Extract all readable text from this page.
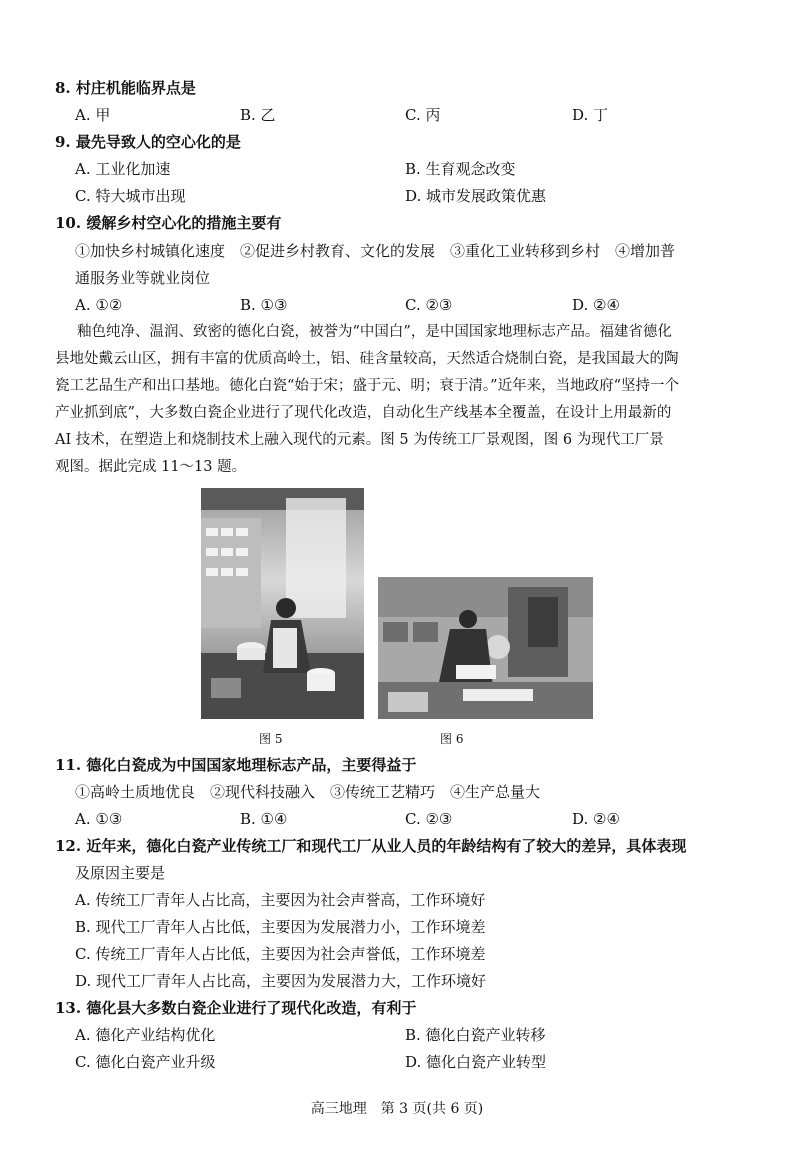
8. 村庄机能临界点是
A. 甲	B. 乙	C. 丙	D. 丁
9. 最先导致人的空心化的是
A. 工业化加速	B. 生育观念改变
C. 特大城市出现	D. 城市发展政策优惠
10. 缓解乡村空心化的措施主要有
①加快乡村城镇化速度　②促进乡村教育、文化的发展　③重化工业转移到乡村　④增加普
通服务业等就业岗位
A. ①②	B. ①③	C. ②③	D. ②④
釉色纯净、温润、致密的德化白瓷，被誉为“中国白”，是中国国家地理标志产品。福建省德化
县地处戴云山区，拥有丰富的优质高岭土，铝、硅含量较高，天然适合烧制白瓷，是我国最大的陶
瓷工艺品生产和出口基地。德化白瓷“始于宋；盛于元、明；衰于清。”近年来，当地政府“坚持一个
产业抓到底”，大多数白瓷企业进行了现代化改造，自动化生产线基本全覆盖，在设计上用最新的
AI 技术，在塑造上和烧制技术上融入现代的元素。图 5 为传统工厂景观图，图 6 为现代工厂景
观图。据此完成 11～13 题。
图 5	图 6
11. 德化白瓷成为中国国家地理标志产品，主要得益于
①高岭土质地优良　②现代科技融入　③传统工艺精巧　④生产总量大
A. ①③	B. ①④	C. ②③	D. ②④
12. 近年来，德化白瓷产业传统工厂和现代工厂从业人员的年龄结构有了较大的差异，具体表现
及原因主要是
A. 传统工厂青年人占比高，主要因为社会声誉高，工作环境好
B. 现代工厂青年人占比低，主要因为发展潜力小，工作环境差
C. 传统工厂青年人占比低，主要因为社会声誉低，工作环境差
D. 现代工厂青年人占比高，主要因为发展潜力大，工作环境好
13. 德化县大多数白瓷企业进行了现代化改造，有利于
A. 德化产业结构优化	B. 德化白瓷产业转移
C. 德化白瓷产业升级	D. 德化白瓷产业转型
高三地理　第 3 页(共 6 页)
